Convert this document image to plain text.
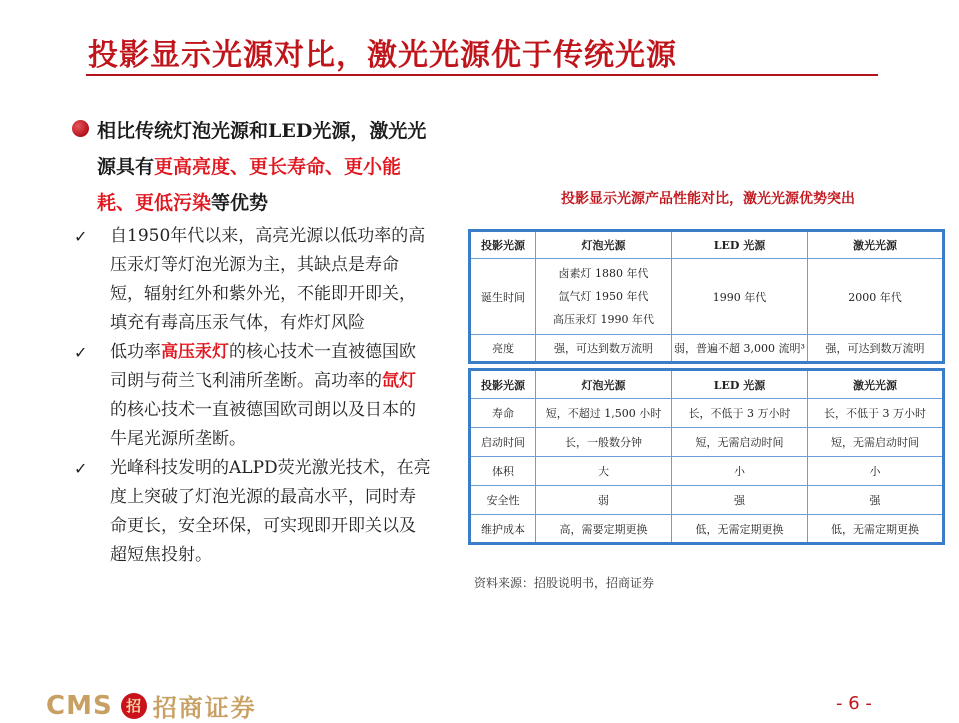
投影显示光源对比，激光光源优于传统光源
相比传统灯泡光源和LED光源，激光光源具有更高亮度、更长寿命、更小能耗、更低污染等优势
✓ 自1950年代以来，高亮光源以低功率的高压汞灯等灯泡光源为主，其缺点是寿命短，辐射红外和紫外光，不能即开即关，填充有毒高压汞气体，有炸灯风险
✓ 低功率高压汞灯的核心技术一直被德国欧司朗与荷兰飞利浦所垄断。高功率的氙灯的核心技术一直被德国欧司朗以及日本的牛尾光源所垄断。
✓ 光峰科技发明的ALPD荧光激光技术，在亮度上突破了灯泡光源的最高水平，同时寿命更长，安全环保，可实现即开即关以及超短焦投射。
投影显示光源产品性能对比，激光光源优势突出
投影光源	灯泡光源	LED 光源	激光光源
诞生时间	卤素灯 1880 年代
氙气灯 1950 年代
高压汞灯 1990 年代	1990 年代	2000 年代
亮度	强，可达到数万流明	弱，普遍不超 3,000 流明³	强，可达到数万流明
投影光源	灯泡光源	LED 光源	激光光源
寿命	短，不超过 1,500 小时	长，不低于 3 万小时	长，不低于 3 万小时
启动时间	长，一般数分钟	短，无需启动时间	短，无需启动时间
体积	大	小	小
安全性	弱	强	强
维护成本	高，需要定期更换	低，无需定期更换	低，无需定期更换
资料来源：招股说明书，招商证券
CMS 招 招商证券	- 6 -
